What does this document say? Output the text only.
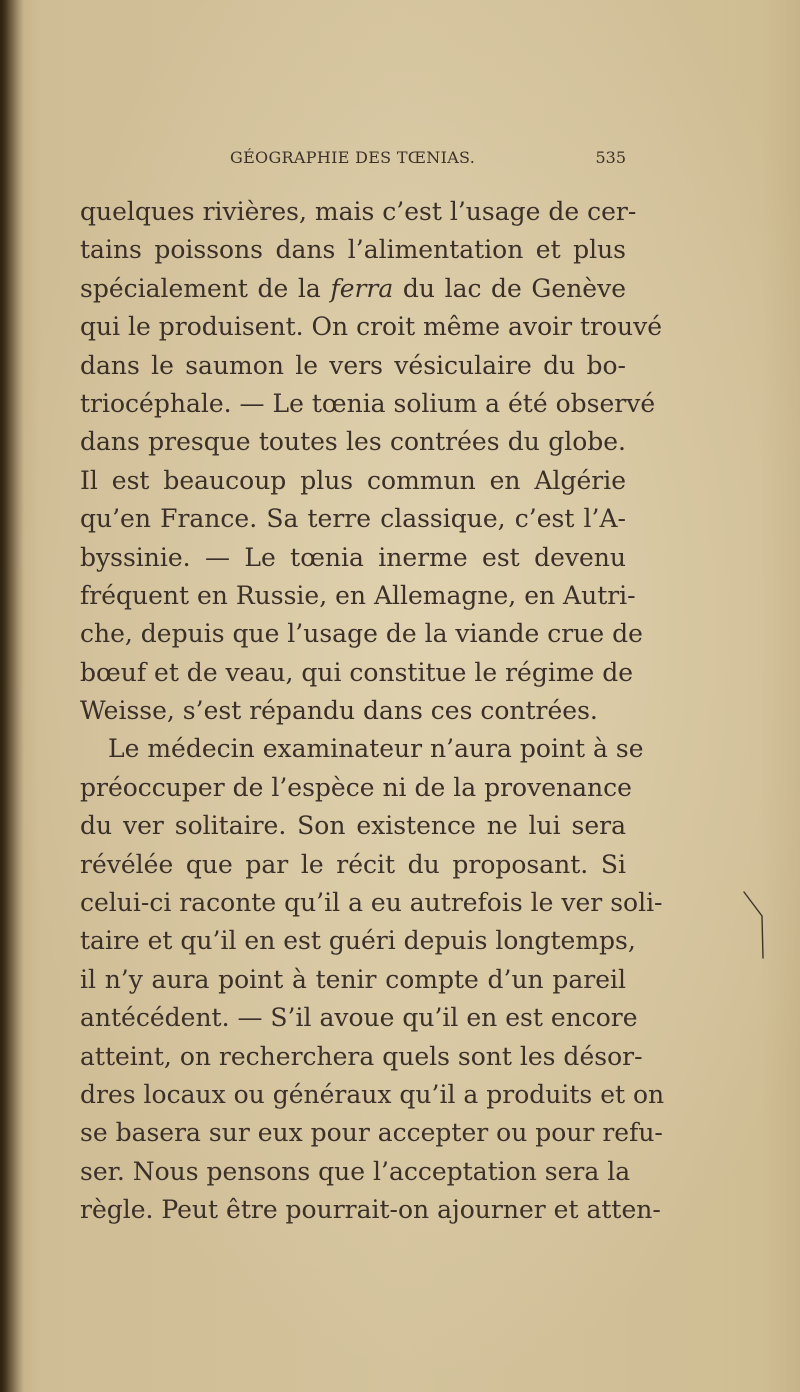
GÉOGRAPHIE DES TŒNIAS.	535
quelques rivières, mais c’est l’usage de cer-
tains poissons dans l’alimentation et plus
spécialement de la ferra du lac de Genève
qui le produisent. On croit même avoir trouvé
dans le saumon le vers vésiculaire du bo-
triocéphale. — Le tœnia solium a été observé
dans presque toutes les contrées du globe.
Il est beaucoup plus commun en Algérie
qu’en France. Sa terre classique, c’est l’A-
byssinie. — Le tœnia inerme est devenu
fréquent en Russie, en Allemagne, en Autri-
che, depuis que l’usage de la viande crue de
bœuf et de veau, qui constitue le régime de
Weisse, s’est répandu dans ces contrées.
Le médecin examinateur n’aura point à se
préoccuper de l’espèce ni de la provenance
du ver solitaire. Son existence ne lui sera
révélée que par le récit du proposant. Si
celui-ci raconte qu’il a eu autrefois le ver soli-
taire et qu’il en est guéri depuis longtemps,
il n’y aura point à tenir compte d’un pareil
antécédent. — S’il avoue qu’il en est encore
atteint, on recherchera quels sont les désor-
dres locaux ou généraux qu’il a produits et on
se basera sur eux pour accepter ou pour refu-
ser. Nous pensons que l’acceptation sera la
règle. Peut être pourrait-on ajourner et atten-
